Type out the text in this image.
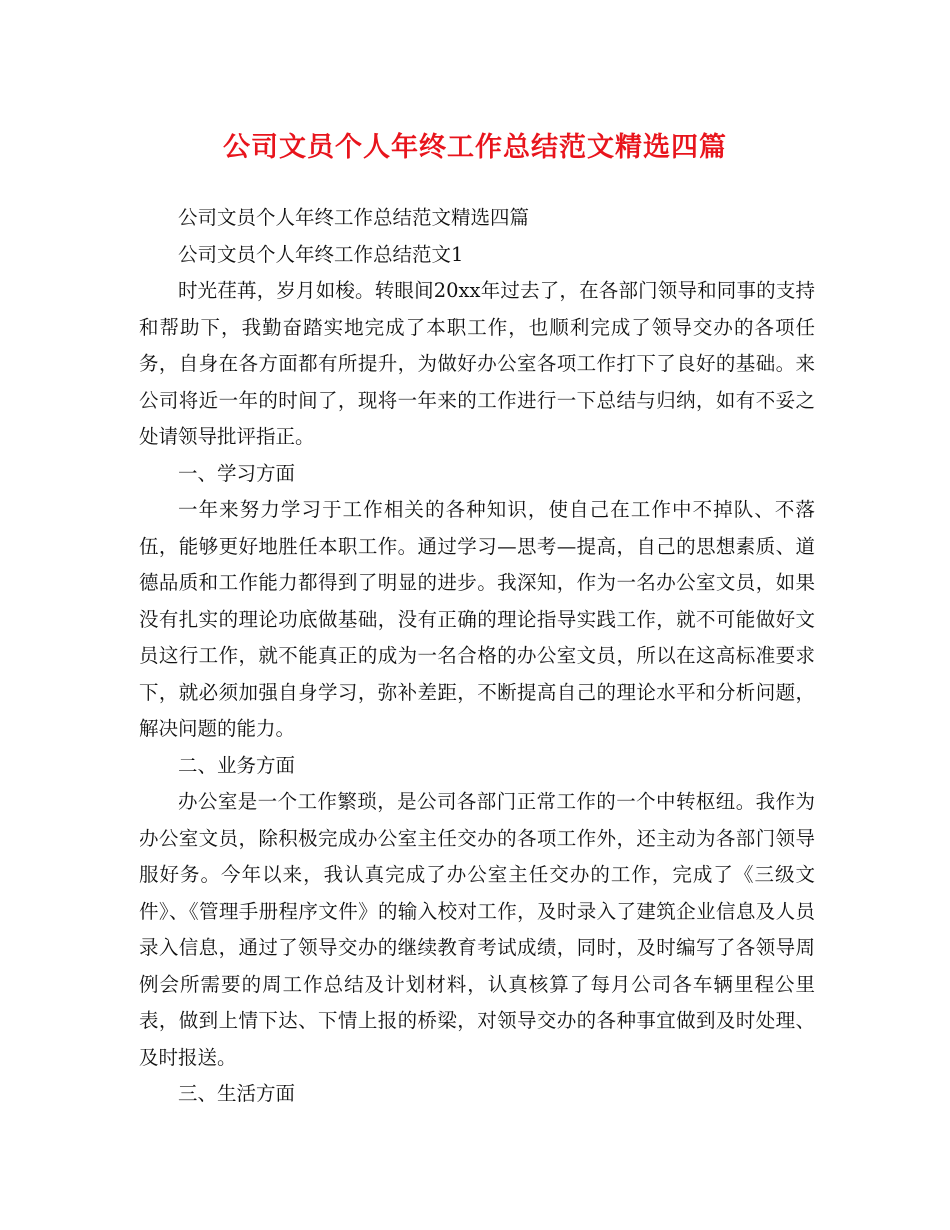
公司文员个人年终工作总结范文精选四篇

公司文员个人年终工作总结范文精选四篇

公司文员个人年终工作总结范文1

时光荏苒，岁月如梭。转眼间20xx年过去了，在各部门领导和同事的支持和帮助下，我勤奋踏实地完成了本职工作，也顺利完成了领导交办的各项任务，自身在各方面都有所提升，为做好办公室各项工作打下了良好的基础。来公司将近一年的时间了，现将一年来的工作进行一下总结与归纳，如有不妥之处请领导批评指正。

一、学习方面

一年来努力学习于工作相关的各种知识，使自己在工作中不掉队、不落伍，能够更好地胜任本职工作。通过学习—思考—提高，自己的思想素质、道德品质和工作能力都得到了明显的进步。我深知，作为一名办公室文员，如果没有扎实的理论功底做基础，没有正确的理论指导实践工作，就不可能做好文员这行工作，就不能真正的成为一名合格的办公室文员，所以在这高标准要求下，就必须加强自身学习，弥补差距，不断提高自己的理论水平和分析问题，解决问题的能力。

二、业务方面

办公室是一个工作繁琐，是公司各部门正常工作的一个中转枢纽。我作为办公室文员，除积极完成办公室主任交办的各项工作外，还主动为各部门领导服好务。今年以来，我认真完成了办公室主任交办的工作，完成了《三级文件》、《管理手册程序文件》的输入校对工作，及时录入了建筑企业信息及人员录入信息，通过了领导交办的继续教育考试成绩，同时，及时编写了各领导周例会所需要的周工作总结及计划材料，认真核算了每月公司各车辆里程公里表，做到上情下达、下情上报的桥梁，对领导交办的各种事宜做到及时处理、及时报送。

三、生活方面
